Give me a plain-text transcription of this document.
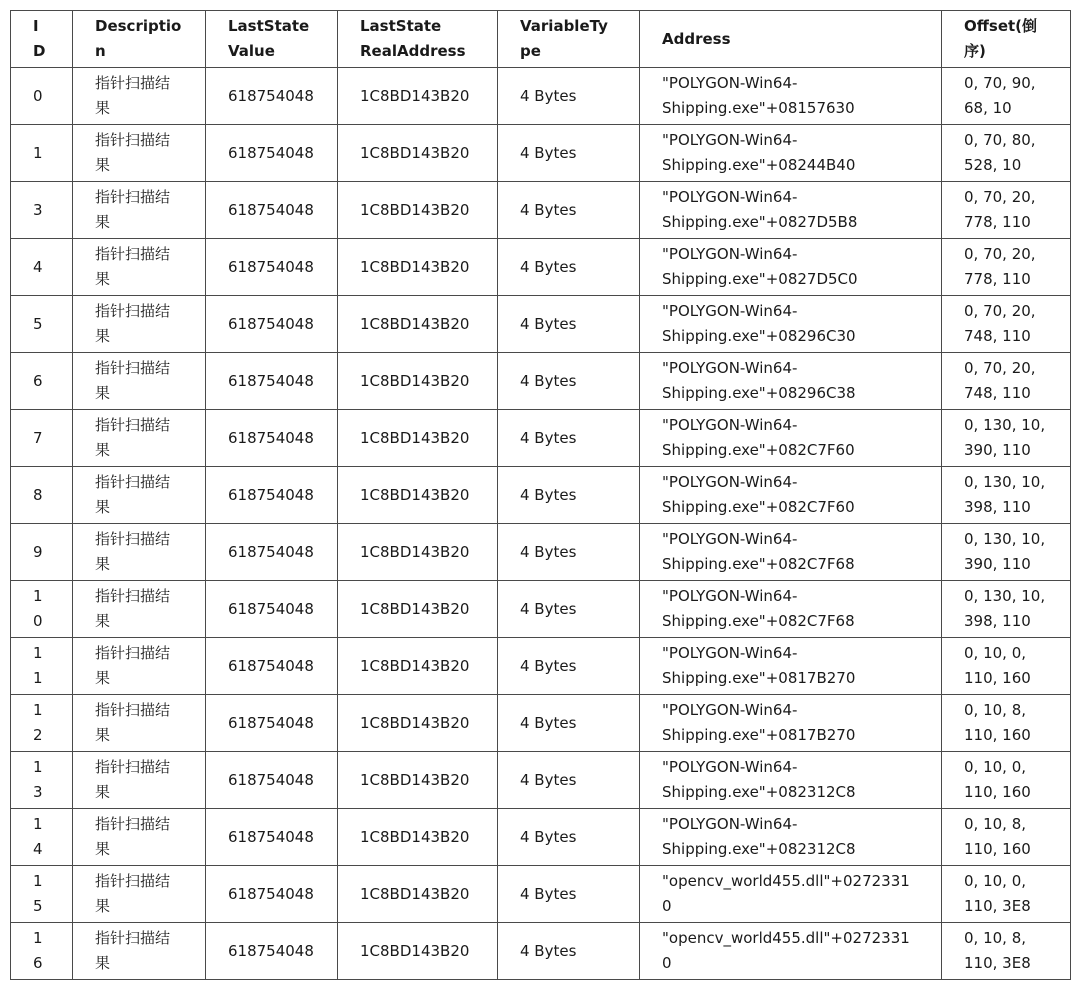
ID	Description	LastState Value	LastState RealAddress	VariableType	Address	Offset(倒序)
0	指针扫描结果	618754048	1C8BD143B20	4 Bytes	"POLYGON-Win64-Shipping.exe"+08157630	0, 70, 90, 68, 10
1	指针扫描结果	618754048	1C8BD143B20	4 Bytes	"POLYGON-Win64-Shipping.exe"+08244B40	0, 70, 80, 528, 10
3	指针扫描结果	618754048	1C8BD143B20	4 Bytes	"POLYGON-Win64-Shipping.exe"+0827D5B8	0, 70, 20, 778, 110
4	指针扫描结果	618754048	1C8BD143B20	4 Bytes	"POLYGON-Win64-Shipping.exe"+0827D5C0	0, 70, 20, 778, 110
5	指针扫描结果	618754048	1C8BD143B20	4 Bytes	"POLYGON-Win64-Shipping.exe"+08296C30	0, 70, 20, 748, 110
6	指针扫描结果	618754048	1C8BD143B20	4 Bytes	"POLYGON-Win64-Shipping.exe"+08296C38	0, 70, 20, 748, 110
7	指针扫描结果	618754048	1C8BD143B20	4 Bytes	"POLYGON-Win64-Shipping.exe"+082C7F60	0, 130, 10, 390, 110
8	指针扫描结果	618754048	1C8BD143B20	4 Bytes	"POLYGON-Win64-Shipping.exe"+082C7F60	0, 130, 10, 398, 110
9	指针扫描结果	618754048	1C8BD143B20	4 Bytes	"POLYGON-Win64-Shipping.exe"+082C7F68	0, 130, 10, 390, 110
10	指针扫描结果	618754048	1C8BD143B20	4 Bytes	"POLYGON-Win64-Shipping.exe"+082C7F68	0, 130, 10, 398, 110
11	指针扫描结果	618754048	1C8BD143B20	4 Bytes	"POLYGON-Win64-Shipping.exe"+0817B270	0, 10, 0, 110, 160
12	指针扫描结果	618754048	1C8BD143B20	4 Bytes	"POLYGON-Win64-Shipping.exe"+0817B270	0, 10, 8, 110, 160
13	指针扫描结果	618754048	1C8BD143B20	4 Bytes	"POLYGON-Win64-Shipping.exe"+082312C8	0, 10, 0, 110, 160
14	指针扫描结果	618754048	1C8BD143B20	4 Bytes	"POLYGON-Win64-Shipping.exe"+082312C8	0, 10, 8, 110, 160
15	指针扫描结果	618754048	1C8BD143B20	4 Bytes	"opencv_world455.dll"+02723310	0, 10, 0, 110, 3E8
16	指针扫描结果	618754048	1C8BD143B20	4 Bytes	"opencv_world455.dll"+02723310	0, 10, 8, 110, 3E8
